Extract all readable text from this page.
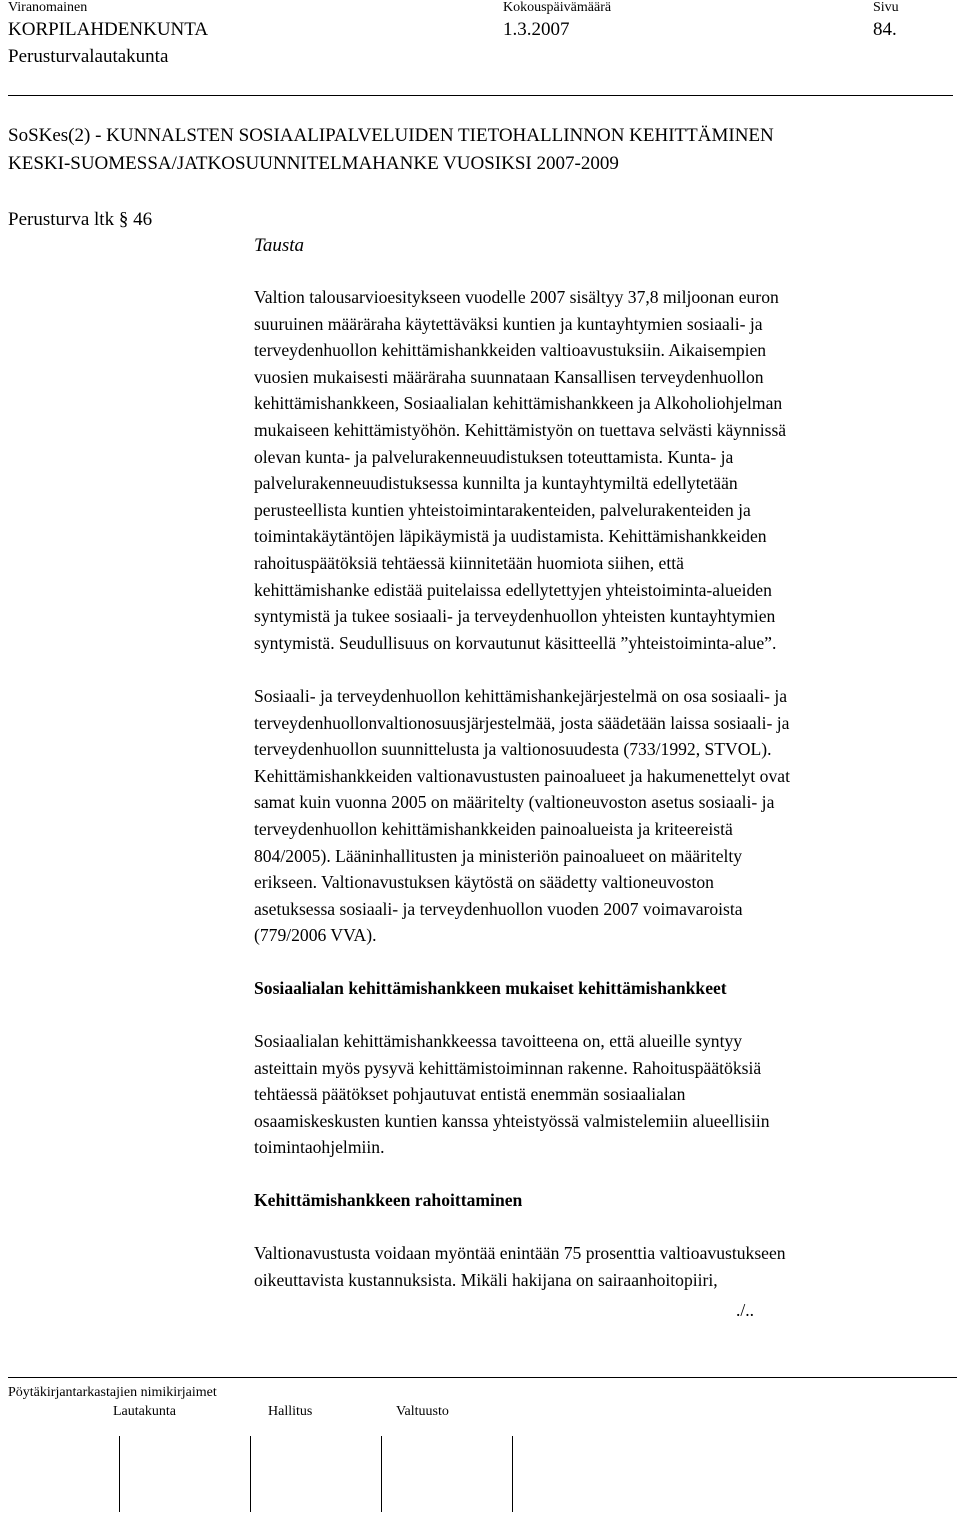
Viranomainen	Kokouspäivämäärä	Sivu
KORPILAHDENKUNTA	1.3.2007	84.
Perusturvalautakunta
SoSKes(2) - KUNNALSTEN SOSIAALIPALVELUIDEN TIETOHALLINNON KEHITTÄMINEN
KESKI-SUOMESSA/JATKOSUUNNITELMAHANKE VUOSIKSI 2007-2009
Perusturva ltk § 46
Tausta
Valtion talousarvioesitykseen vuodelle 2007 sisältyy 37,8 miljoonan euron
suuruinen määräraha käytettäväksi kuntien ja kuntayhtymien sosiaali- ja
terveydenhuollon kehittämishankkeiden valtioavustuksiin. Aikaisempien
vuosien mukaisesti määräraha suunnataan Kansallisen terveydenhuollon
kehittämishankkeen, Sosiaalialan kehittämishankkeen ja Alkoholiohjelman
mukaiseen kehittämistyöhön. Kehittämistyön on tuettava selvästi käynnissä
olevan kunta- ja palvelurakenneuudistuksen toteuttamista. Kunta- ja
palvelurakenneuudistuksessa kunnilta ja kuntayhtymiltä edellytetään
perusteellista kuntien yhteistoimintarakenteiden, palvelurakenteiden ja
toimintakäytäntöjen läpikäymistä ja uudistamista. Kehittämishankkeiden
rahoituspäätöksiä tehtäessä kiinnitetään huomiota siihen, että
kehittämishanke edistää puitelaissa edellytettyjen yhteistoiminta-alueiden
syntymistä ja tukee sosiaali- ja terveydenhuollon yhteisten kuntayhtymien
syntymistä. Seudullisuus on korvautunut käsitteellä ”yhteistoiminta-alue”.
Sosiaali- ja terveydenhuollon kehittämishankejärjestelmä on osa sosiaali- ja
terveydenhuollonvaltionosuusjärjestelmää, josta säädetään laissa sosiaali- ja
terveydenhuollon suunnittelusta ja valtionosuudesta (733/1992, STVOL).
Kehittämishankkeiden valtionavustusten painoalueet ja hakumenettelyt ovat
samat kuin vuonna 2005 on määritelty (valtioneuvoston asetus sosiaali- ja
terveydenhuollon kehittämishankkeiden painoalueista ja kriteereistä
804/2005). Lääninhallitusten ja ministeriön painoalueet on määritelty
erikseen. Valtionavustuksen käytöstä on säädetty valtioneuvoston
asetuksessa sosiaali- ja terveydenhuollon vuoden 2007 voimavaroista
(779/2006 VVA).
Sosiaalialan kehittämishankkeen mukaiset kehittämishankkeet
Sosiaalialan kehittämishankkeessa tavoitteena on, että alueille syntyy
asteittain myös pysyvä kehittämistoiminnan rakenne. Rahoituspäätöksiä
tehtäessä päätökset pohjautuvat entistä enemmän sosiaalialan
osaamiskeskusten kuntien kanssa yhteistyössä valmistelemiin alueellisiin
toimintaohjelmiin.
Kehittämishankkeen rahoittaminen
Valtionavustusta voidaan myöntää enintään 75 prosenttia valtioavustukseen
oikeuttavista kustannuksista. Mikäli hakijana on sairaanhoitopiiri,
./..
Pöytäkirjantarkastajien nimikirjaimet
Lautakunta	Hallitus	Valtuusto
